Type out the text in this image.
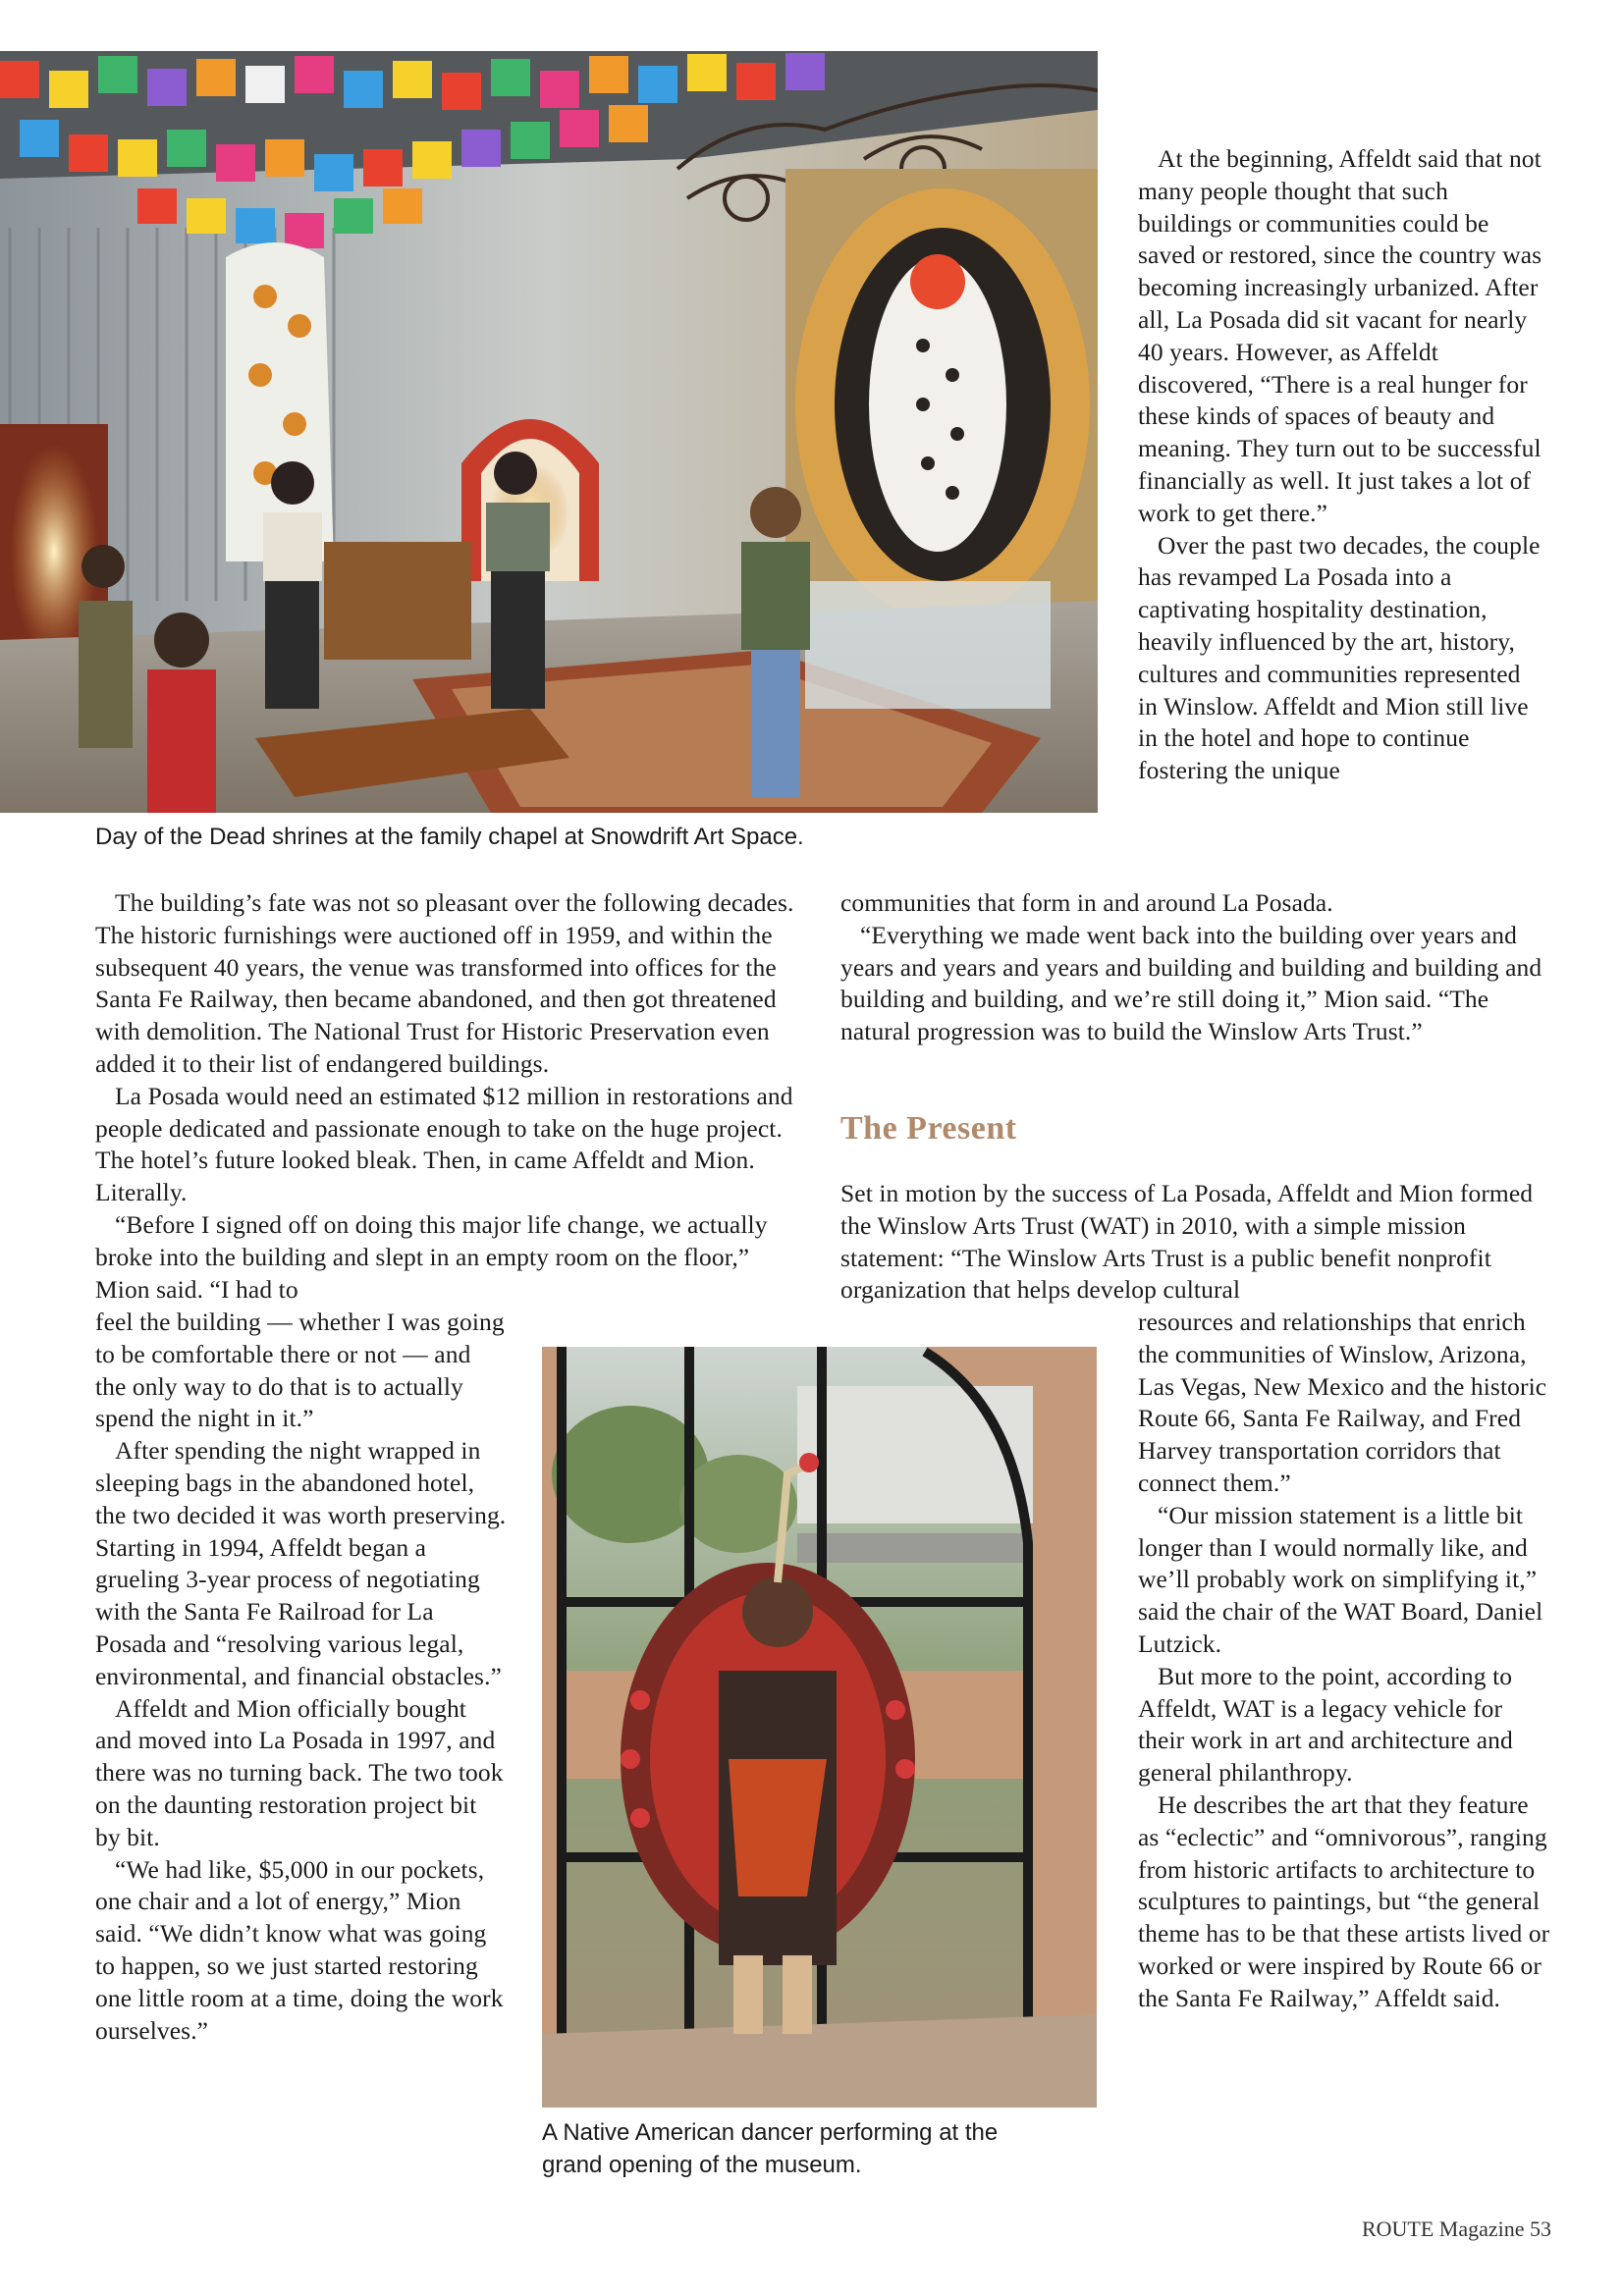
Day of the Dead shrines at the family chapel at Snowdrift Art Space.

At the beginning, Affeldt said that not many people thought that such buildings or communities could be saved or restored, since the country was becoming increasingly urbanized. After all, La Posada did sit vacant for nearly 40 years. However, as Affeldt discovered, “There is a real hunger for these kinds of spaces of beauty and meaning. They turn out to be successful financially as well. It just takes a lot of work to get there.”

Over the past two decades, the couple has revamped La Posada into a captivating hospitality destination, heavily influenced by the art, history, cultures and communities represented in Winslow. Affeldt and Mion still live in the hotel and hope to continue fostering the unique

The building’s fate was not so pleasant over the following decades. The historic furnishings were auctioned off in 1959, and within the subsequent 40 years, the venue was transformed into offices for the Santa Fe Railway, then became abandoned, and then got threatened with demolition. The National Trust for Historic Preservation even added it to their list of endangered buildings.

La Posada would need an estimated $12 million in restorations and people dedicated and passionate enough to take on the huge project. The hotel’s future looked bleak. Then, in came Affeldt and Mion. Literally.

“Before I signed off on doing this major life change, we actually broke into the building and slept in an empty room on the floor,” Mion said. “I had to

feel the building — whether I was going to be comfortable there or not — and the only way to do that is to actually spend the night in it.”

After spending the night wrapped in sleeping bags in the abandoned hotel, the two decided it was worth preserving. Starting in 1994, Affeldt began a grueling 3-year process of negotiating with the Santa Fe Railroad for La Posada and “resolving various legal, environmental, and financial obstacles.”

Affeldt and Mion officially bought and moved into La Posada in 1997, and there was no turning back. The two took on the daunting restoration project bit by bit.

“We had like, $5,000 in our pockets, one chair and a lot of energy,” Mion said. “We didn’t know what was going to happen, so we just started restoring one little room at a time, doing the work ourselves.”

communities that form in and around La Posada.

“Everything we made went back into the building over years and years and years and years and building and building and building and building and building, and we’re still doing it,” Mion said. “The natural progression was to build the Winslow Arts Trust.”

The Present

Set in motion by the success of La Posada, Affeldt and Mion formed the Winslow Arts Trust (WAT) in 2010, with a simple mission statement: “The Winslow Arts Trust is a public benefit nonprofit organization that helps develop cultural

A Native American dancer performing at the
grand opening of the museum.

resources and relationships that enrich the communities of Winslow, Arizona, Las Vegas, New Mexico and the historic Route 66, Santa Fe Railway, and Fred Harvey transportation corridors that connect them.”

“Our mission statement is a little bit longer than I would normally like, and we’ll probably work on simplifying it,” said the chair of the WAT Board, Daniel Lutzick.

But more to the point, according to Affeldt, WAT is a legacy vehicle for their work in art and architecture and general philanthropy.

He describes the art that they feature as “eclectic” and “omnivorous”, ranging from historic artifacts to architecture to sculptures to paintings, but “the general theme has to be that these artists lived or worked or were inspired by Route 66 or the Santa Fe Railway,” Affeldt said.

ROUTE Magazine 53
